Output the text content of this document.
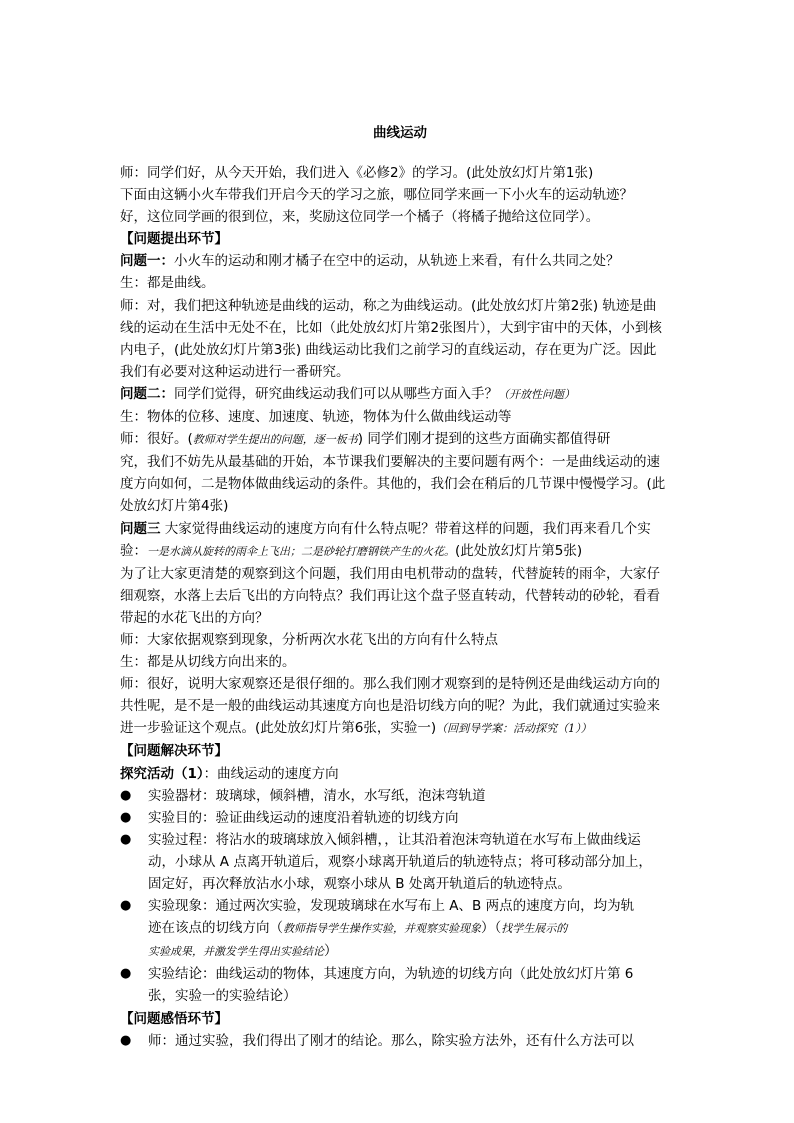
曲线运动

师：同学们好，从今天开始，我们进入《必修2》的学习。(此处放幻灯片第1张)

下面由这辆小火车带我们开启今天的学习之旅，哪位同学来画一下小火车的运动轨迹？

好，这位同学画的很到位，来，奖励这位同学一个橘子（将橘子抛给这位同学）。

【问题提出环节】

问题一：小火车的运动和刚才橘子在空中的运动，从轨迹上来看，有什么共同之处？

生：都是曲线。

师：对，我们把这种轨迹是曲线的运动，称之为曲线运动。(此处放幻灯片第2张) 轨迹是曲

线的运动在生活中无处不在，比如（此处放幻灯片第2张图片），大到宇宙中的天体，小到核

内电子，(此处放幻灯片第3张) 曲线运动比我们之前学习的直线运动，存在更为广泛。因此

我们有必要对这种运动进行一番研究。

问题二：同学们觉得，研究曲线运动我们可以从哪些方面入手？（开放性问题）

生：物体的位移、速度、加速度、轨迹，物体为什么做曲线运动等

师：很好。(教师对学生提出的问题，逐一板书) 同学们刚才提到的这些方面确实都值得研

究，我们不妨先从最基础的开始，本节课我们要解决的主要问题有两个：一是曲线运动的速

度方向如何，二是物体做曲线运动的条件。其他的，我们会在稍后的几节课中慢慢学习。(此

处放幻灯片第4张)

问题三 大家觉得曲线运动的速度方向有什么特点呢？带着这样的问题，我们再来看几个实

验：一是水滴从旋转的雨伞上飞出；二是砂轮打磨钢铁产生的火花。(此处放幻灯片第5张)

为了让大家更清楚的观察到这个问题，我们用由电机带动的盘转，代替旋转的雨伞，大家仔

细观察，水落上去后飞出的方向特点？我们再让这个盘子竖直转动，代替转动的砂轮，看看

带起的水花飞出的方向？

师：大家依据观察到现象，分析两次水花飞出的方向有什么特点

生：都是从切线方向出来的。

师：很好，说明大家观察还是很仔细的。那么我们刚才观察到的是特例还是曲线运动方向的

共性呢，是不是一般的曲线运动其速度方向也是沿切线方向的呢？为此，我们就通过实验来

进一步验证这个观点。(此处放幻灯片第6张，实验一)（回到导学案：活动探究（1））

【问题解决环节】

探究活动（1）：曲线运动的速度方向

● 实验器材：玻璃球，倾斜槽，清水，水写纸，泡沫弯轨道
● 实验目的：验证曲线运动的速度沿着轨迹的切线方向
● 实验过程：将沾水的玻璃球放入倾斜槽，，让其沿着泡沫弯轨道在水写布上做曲线运
动，小球从 A 点离开轨道后，观察小球离开轨道后的轨迹特点；将可移动部分加上，
固定好，再次释放沾水小球，观察小球从 B 处离开轨道后的轨迹特点。
● 实验现象：通过两次实验，发现玻璃球在水写布上 A、B 两点的速度方向，均为轨
迹在该点的切线方向（教师指导学生操作实验，并观察实验现象）（找学生展示的
实验成果，并激发学生得出实验结论）
● 实验结论：曲线运动的物体，其速度方向，为轨迹的切线方向（此处放幻灯片第 6
张，实验一的实验结论）

【问题感悟环节】

● 师：通过实验，我们得出了刚才的结论。那么，除实验方法外，还有什么方法可以
